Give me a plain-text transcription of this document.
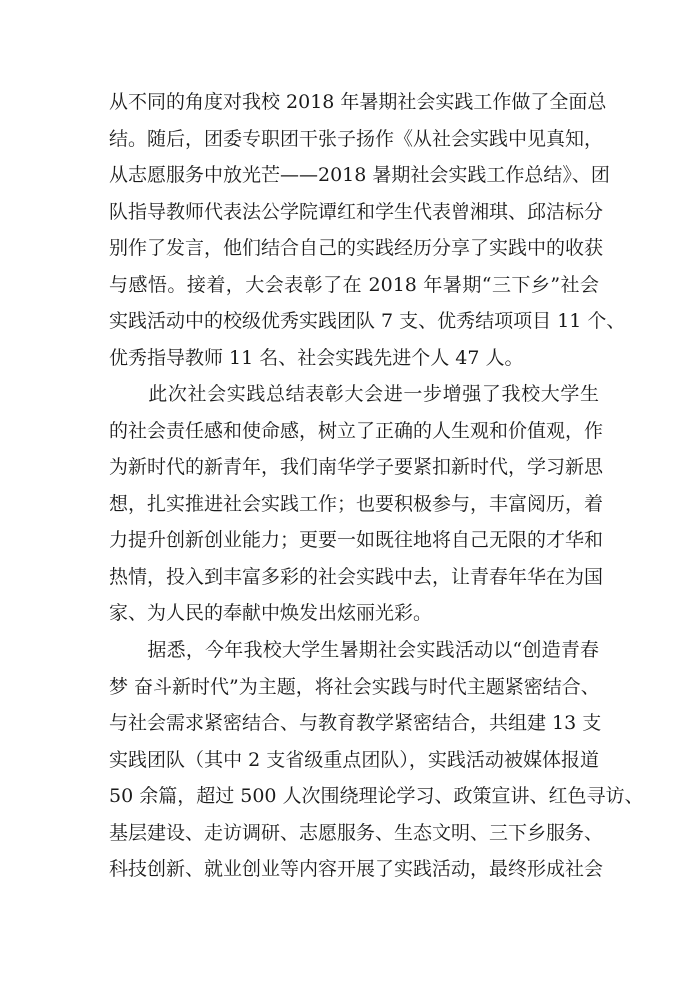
从不同的角度对我校 2018 年暑期社会实践工作做了全面总
结。随后，团委专职团干张子扬作《从社会实践中见真知，
从志愿服务中放光芒——2018 暑期社会实践工作总结》、团
队指导教师代表法公学院谭红和学生代表曾湘琪、邱洁标分
别作了发言，他们结合自己的实践经历分享了实践中的收获
与感悟。接着，大会表彰了在 2018 年暑期“三下乡”社会
实践活动中的校级优秀实践团队 7 支、优秀结项项目 11 个、
优秀指导教师 11 名、社会实践先进个人 47 人。
　　此次社会实践总结表彰大会进一步增强了我校大学生
的社会责任感和使命感，树立了正确的人生观和价值观，作
为新时代的新青年，我们南华学子要紧扣新时代，学习新思
想，扎实推进社会实践工作；也要积极参与，丰富阅历，着
力提升创新创业能力；更要一如既往地将自己无限的才华和
热情，投入到丰富多彩的社会实践中去，让青春年华在为国
家、为人民的奉献中焕发出炫丽光彩。
　　据悉，今年我校大学生暑期社会实践活动以“创造青春
梦 奋斗新时代”为主题，将社会实践与时代主题紧密结合、
与社会需求紧密结合、与教育教学紧密结合，共组建 13 支
实践团队（其中 2 支省级重点团队），实践活动被媒体报道
50 余篇，超过 500 人次围绕理论学习、政策宣讲、红色寻访、
基层建设、走访调研、志愿服务、生态文明、三下乡服务、
科技创新、就业创业等内容开展了实践活动，最终形成社会
